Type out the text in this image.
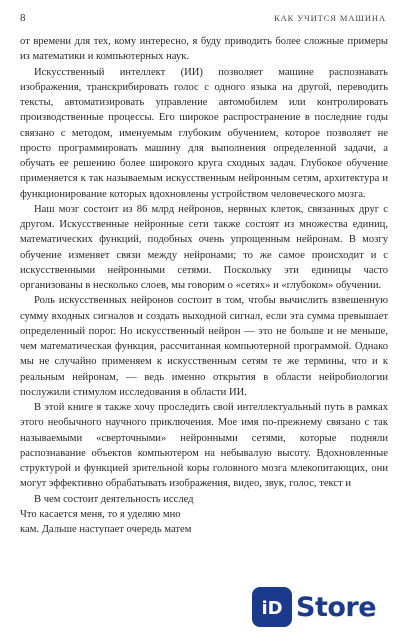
8	КАК УЧИТСЯ МАШИНА

от времени для тех, кому интересно, я буду приводить более сложные примеры из математики и компьютерных наук.

Искусственный интеллект (ИИ) позволяет машине распознавать изображения, транскрибировать голос с одного языка на другой, переводить тексты, автоматизировать управление автомобилем или контролировать производственные процессы. Его широкое распространение в последние годы связано с методом, именуемым глубоким обучением, которое позволяет не просто программировать машину для выполнения определенной задачи, а обучать ее решению более широкого круга сходных задач. Глубокое обучение применяется к так называемым искусственным нейронным сетям, архитектура и функционирование которых вдохновлены устройством человеческого мозга.

Наш мозг состоит из 86 млрд нейронов, нервных клеток, связанных друг с другом. Искусственные нейронные сети также состоят из множества единиц, математических функций, подобных очень упрощенным нейронам. В мозгу обучение изменяет связи между нейронами; то же самое происходит и с искусственными нейронными сетями. Поскольку эти единицы часто организованы в несколько слоев, мы говорим о «сетях» и «глубоком» обучении.

Роль искусственных нейронов состоит в том, чтобы вычислить взвешенную сумму входных сигналов и создать выходной сигнал, если эта сумма превышает определенный порог. Но искусственный нейрон — это не больше и не меньше, чем математическая функция, рассчитанная компьютерной программой. Однако мы не случайно применяем к искусственным сетям те же термины, что и к реальным нейронам, — ведь именно открытия в области нейробиологии послужили стимулом исследования в области ИИ.

В этой книге я также хочу проследить свой интеллектуальный путь в рамках этого необычного научного приключения. Мое имя по-прежнему связано с так называемыми «сверточными» нейронными сетями, которые подняли распознавание объектов компьютером на небывалую высоту. Вдохновленные структурой и функцией зрительной коры головного мозга млекопитающих, они могут эффективно обрабатывать изображения, видео, звук, голос, текст и

В чем состоит деятельность исслед

Что касается меня, то я уделяю мно

кам. Дальше наступает очередь матем

iD Store
